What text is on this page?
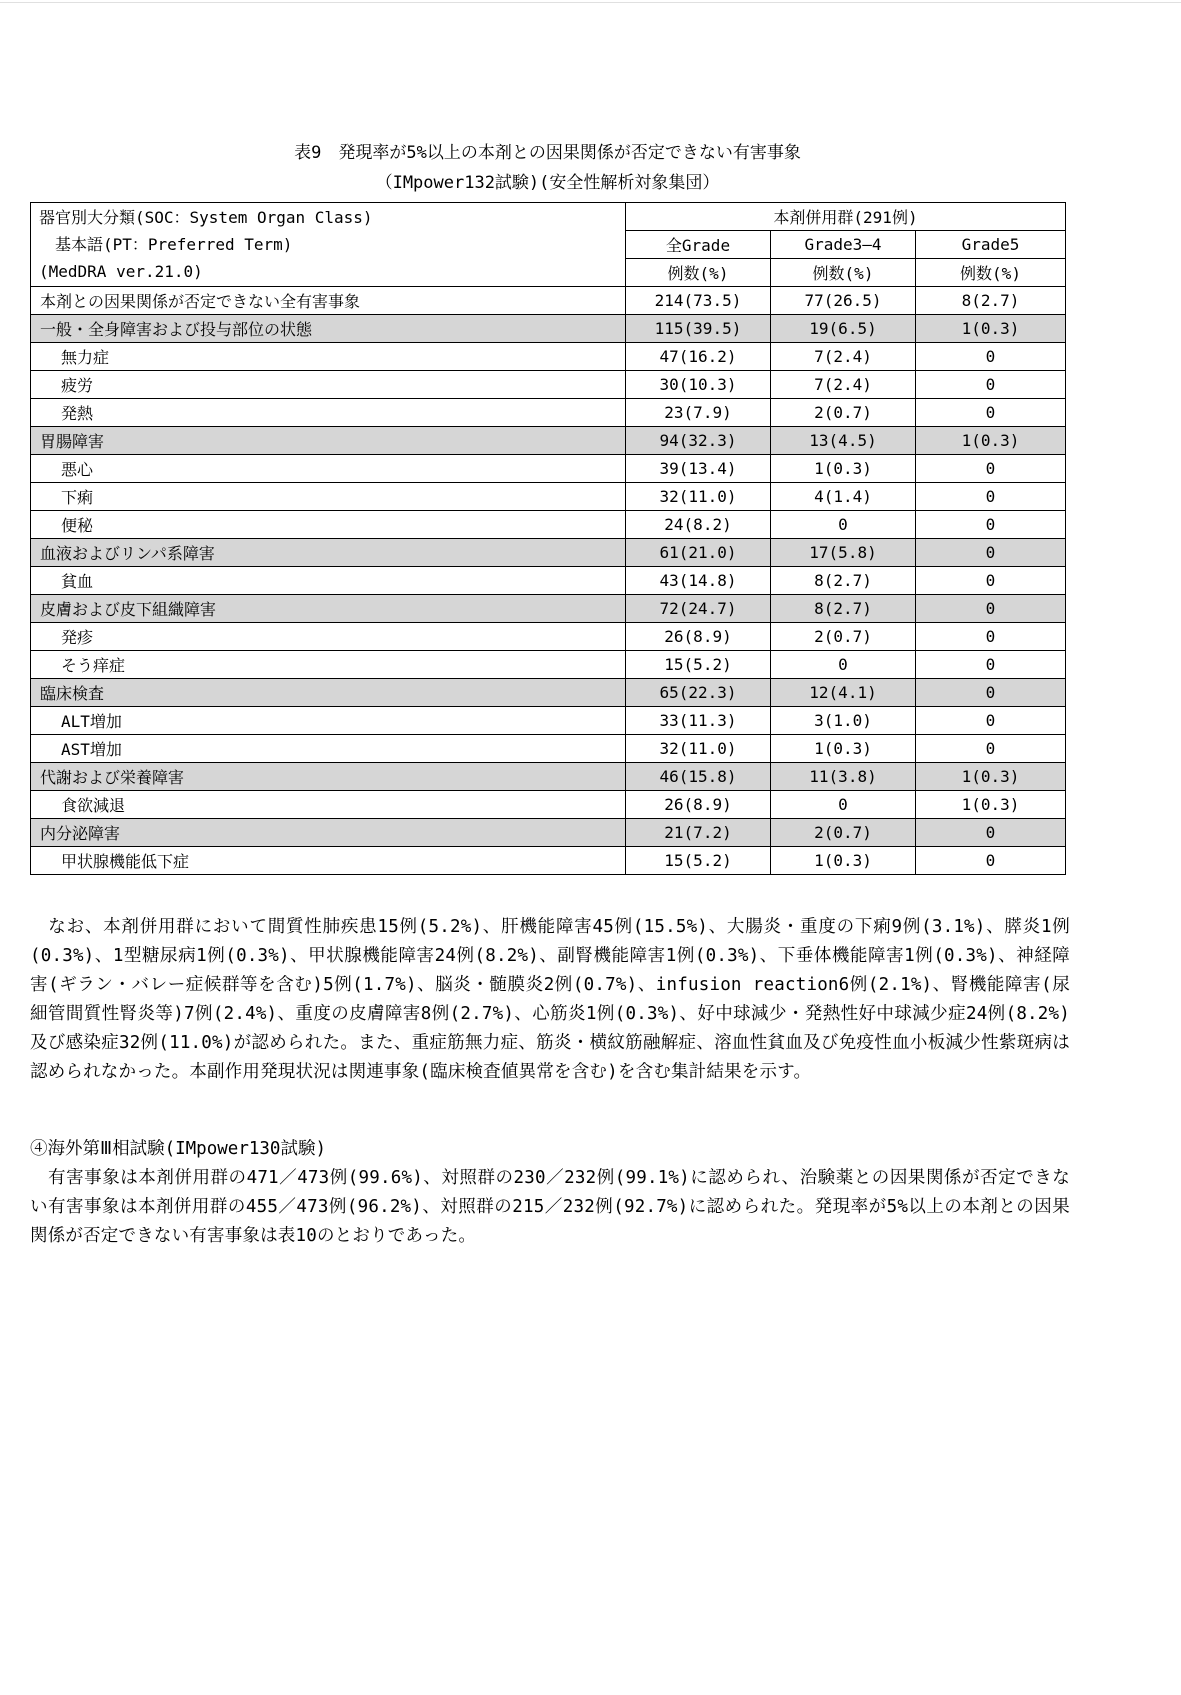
表9　発現率が5%以上の本剤との因果関係が否定できない有害事象
（IMpower132試験)(安全性解析対象集団）
器官別大分類(SOC：System Organ Class)
　基本語(PT：Preferred Term)
(MedDRA ver.21.0)	本剤併用群(291例)		
	全Grade	Grade3—4	Grade5
	例数(%)	例数(%)	例数(%)
本剤との因果関係が否定できない全有害事象	214(73.5)	77(26.5)	8(2.7)
一般・全身障害および投与部位の状態	115(39.5)	19(6.5)	1(0.3)
無力症	47(16.2)	7(2.4)	0
疲労	30(10.3)	7(2.4)	0
発熱	23(7.9)	2(0.7)	0
胃腸障害	94(32.3)	13(4.5)	1(0.3)
悪心	39(13.4)	1(0.3)	0
下痢	32(11.0)	4(1.4)	0
便秘	24(8.2)	0	0
血液およびリンパ系障害	61(21.0)	17(5.8)	0
貧血	43(14.8)	8(2.7)	0
皮膚および皮下組織障害	72(24.7)	8(2.7)	0
発疹	26(8.9)	2(0.7)	0
そう痒症	15(5.2)	0	0
臨床検査	65(22.3)	12(4.1)	0
ALT増加	33(11.3)	3(1.0)	0
AST増加	32(11.0)	1(0.3)	0
代謝および栄養障害	46(15.8)	11(3.8)	1(0.3)
食欲減退	26(8.9)	0	1(0.3)
内分泌障害	21(7.2)	2(0.7)	0
甲状腺機能低下症	15(5.2)	1(0.3)	0

　なお、本剤併用群において間質性肺疾患15例(5.2%)、肝機能障害45例(15.5%)、大腸炎・重度の下痢9例(3.1%)、膵炎1例(0.3%)、1型糖尿病1例(0.3%)、甲状腺機能障害24例(8.2%)、副腎機能障害1例(0.3%)、下垂体機能障害1例(0.3%)、神経障害(ギラン・バレー症候群等を含む)5例(1.7%)、脳炎・髄膜炎2例(0.7%)、infusion reaction6例(2.1%)、腎機能障害(尿細管間質性腎炎等)7例(2.4%)、重度の皮膚障害8例(2.7%)、心筋炎1例(0.3%)、好中球減少・発熱性好中球減少症24例(8.2%)及び感染症32例(11.0%)が認められた。また、重症筋無力症、筋炎・横紋筋融解症、溶血性貧血及び免疫性血小板減少性紫斑病は認められなかった。本副作用発現状況は関連事象(臨床検査値異常を含む)を含む集計結果を示す。

④海外第Ⅲ相試験(IMpower130試験)

　有害事象は本剤併用群の471／473例(99.6%)、対照群の230／232例(99.1%)に認められ、治験薬との因果関係が否定できない有害事象は本剤併用群の455／473例(96.2%)、対照群の215／232例(92.7%)に認められた。発現率が5%以上の本剤との因果関係が否定できない有害事象は表10のとおりであった。
